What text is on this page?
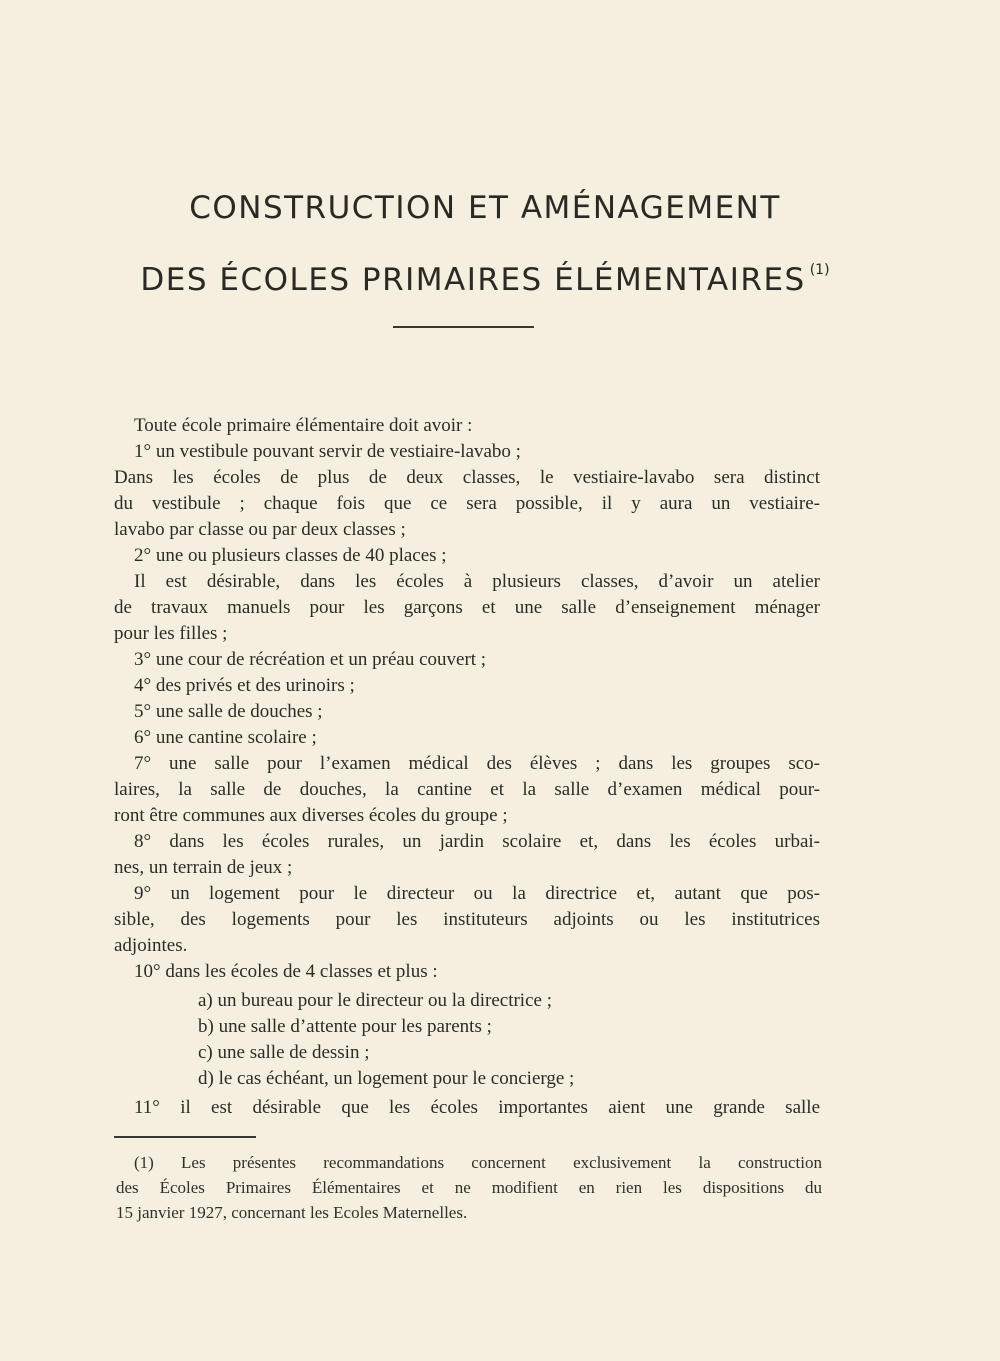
CONSTRUCTION ET AMÉNAGEMENT
DES ÉCOLES PRIMAIRES ÉLÉMENTAIRES $^{(1)}$
Toute école primaire élémentaire doit avoir :
1° un vestibule pouvant servir de vestiaire-lavabo ;
Dans les écoles de plus de deux classes, le vestiaire-lavabo sera distinct
du vestibule ; chaque fois que ce sera possible, il y aura un vestiaire-
lavabo par classe ou par deux classes ;
2° une ou plusieurs classes de 40 places ;
Il est désirable, dans les écoles à plusieurs classes, d’avoir un atelier
de travaux manuels pour les garçons et une salle d’enseignement ménager
pour les filles ;
3° une cour de récréation et un préau couvert ;
4° des privés et des urinoirs ;
5° une salle de douches ;
6° une cantine scolaire ;
7° une salle pour l’examen médical des élèves ; dans les groupes sco-
laires, la salle de douches, la cantine et la salle d’examen médical pour-
ront être communes aux diverses écoles du groupe ;
8° dans les écoles rurales, un jardin scolaire et, dans les écoles urbai-
nes, un terrain de jeux ;
9° un logement pour le directeur ou la directrice et, autant que pos-
sible, des logements pour les instituteurs adjoints ou les institutrices
adjointes.
10° dans les écoles de 4 classes et plus :
a) un bureau pour le directeur ou la directrice ;
b) une salle d’attente pour les parents ;
c) une salle de dessin ;
d) le cas échéant, un logement pour le concierge ;
11° il est désirable que les écoles importantes aient une grande salle
(1) Les présentes recommandations concernent exclusivement la construction
des Écoles Primaires Élémentaires et ne modifient en rien les dispositions du
15 janvier 1927, concernant les Ecoles Maternelles.
